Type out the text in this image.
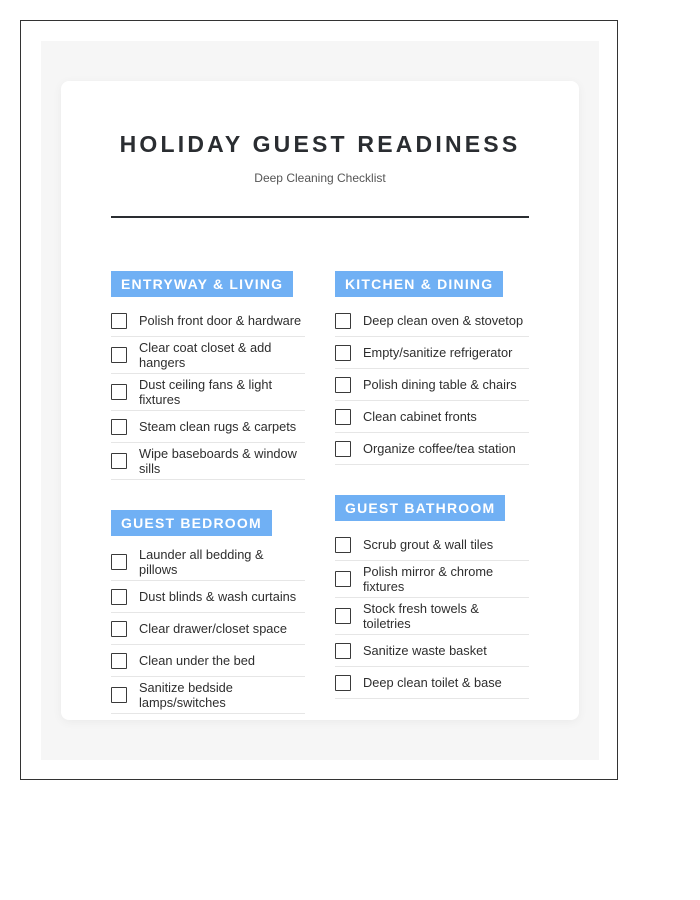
HOLIDAY GUEST READINESS
Deep Cleaning Checklist
ENTRYWAY & LIVING
Polish front door & hardware
Clear coat closet & add hangers
Dust ceiling fans & light fixtures
Steam clean rugs & carpets
Wipe baseboards & window sills
GUEST BEDROOM
Launder all bedding & pillows
Dust blinds & wash curtains
Clear drawer/closet space
Clean under the bed
Sanitize bedside lamps/switches
KITCHEN & DINING
Deep clean oven & stovetop
Empty/sanitize refrigerator
Polish dining table & chairs
Clean cabinet fronts
Organize coffee/tea station
GUEST BATHROOM
Scrub grout & wall tiles
Polish mirror & chrome fixtures
Stock fresh towels & toiletries
Sanitize waste basket
Deep clean toilet & base
